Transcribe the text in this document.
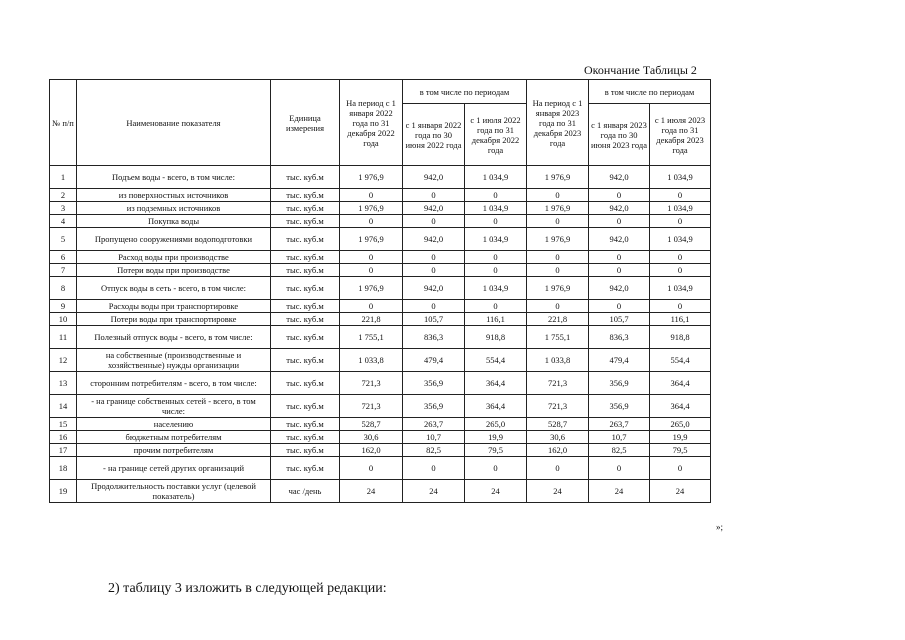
Окончание Таблицы 2
№ п/п	Наименование показателя	Единица измерения	На период с 1 января 2022 года по 31 декабря 2022 года	в том числе по периодам		На период с 1 января 2023 года по 31 декабря 2023 года	в том числе по периодам	
				с 1 января 2022 года по 30 июня 2022 года	с 1 июля 2022 года по 31 декабря 2022 года		с 1 января 2023 года по 30 июня 2023 года	с 1 июля 2023 года по 31 декабря 2023 года
1	Подъем воды - всего, в том числе:	тыс. куб.м	1 976,9	942,0	1 034,9	1 976,9	942,0	1 034,9
2	из поверхностных источников	тыс. куб.м	0	0	0	0	0	0
3	из подземных источников	тыс. куб.м	1 976,9	942,0	1 034,9	1 976,9	942,0	1 034,9
4	Покупка воды	тыс. куб.м	0	0	0	0	0	0
5	Пропущено сооружениями водоподготовки	тыс. куб.м	1 976,9	942,0	1 034,9	1 976,9	942,0	1 034,9
6	Расход воды при производстве	тыс. куб.м	0	0	0	0	0	0
7	Потери воды при производстве	тыс. куб.м	0	0	0	0	0	0
8	Отпуск воды в сеть - всего, в том числе:	тыс. куб.м	1 976,9	942,0	1 034,9	1 976,9	942,0	1 034,9
9	Расходы воды при транспортировке	тыс. куб.м	0	0	0	0	0	0
10	Потери воды при транспортировке	тыс. куб.м	221,8	105,7	116,1	221,8	105,7	116,1
11	Полезный отпуск воды - всего, в том числе:	тыс. куб.м	1 755,1	836,3	918,8	1 755,1	836,3	918,8
12	на собственные (производственные и хозяйственные) нужды организации	тыс. куб.м	1 033,8	479,4	554,4	1 033,8	479,4	554,4
13	сторонним потребителям - всего, в том числе:	тыс. куб.м	721,3	356,9	364,4	721,3	356,9	364,4
14	- на границе собственных сетей - всего, в том числе:	тыс. куб.м	721,3	356,9	364,4	721,3	356,9	364,4
15	населению	тыс. куб.м	528,7	263,7	265,0	528,7	263,7	265,0
16	бюджетным потребителям	тыс. куб.м	30,6	10,7	19,9	30,6	10,7	19,9
17	прочим потребителям	тыс. куб.м	162,0	82,5	79,5	162,0	82,5	79,5
18	- на границе сетей других организаций	тыс. куб.м	0	0	0	0	0	0
19	Продолжительность поставки услуг (целевой показатель)	час /день	24	24	24	24	24	24
»;
2) таблицу 3 изложить в следующей редакции:
